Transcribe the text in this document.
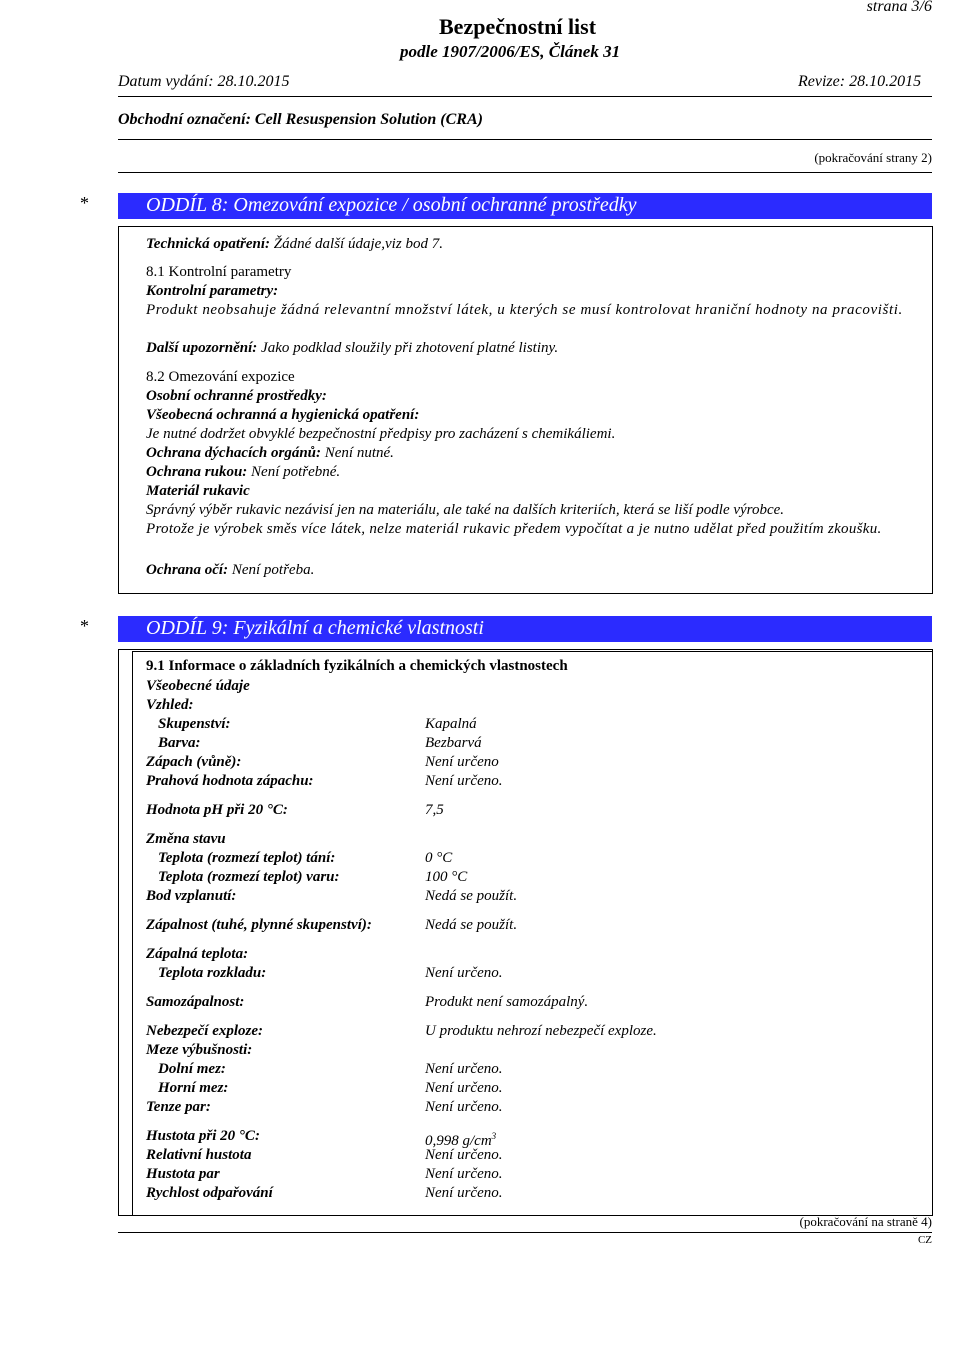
strana 3/6
Bezpečnostní list
podle 1907/2006/ES, Článek 31
Datum vydání: 28.10.2015	Revize: 28.10.2015
Obchodní označení: Cell Resuspension Solution (CRA)
(pokračování strany 2)
*	ODDÍL 8: Omezování expozice / osobní ochranné prostředky
Technická opatření: Žádné další údaje,viz bod 7.
8.1 Kontrolní parametry
Kontrolní parametry:
Produkt neobsahuje žádná relevantní množství látek, u kterých se musí kontrolovat hraniční hodnoty na pracovišti.
Další upozornění: Jako podklad sloužily při zhotovení platné listiny.
8.2 Omezování expozice
Osobní ochranné prostředky:
Všeobecná ochranná a hygienická opatření:
Je nutné dodržet obvyklé bezpečnostní předpisy pro zacházení s chemikáliemi.
Ochrana dýchacích orgánů: Není nutné.
Ochrana rukou: Není potřebné.
Materiál rukavic
Správný výběr rukavic nezávisí jen na materiálu, ale také na dalších kriteriích, která se liší podle výrobce.
Protože je výrobek směs více látek, nelze materiál rukavic předem vypočítat a je nutno udělat před použitím zkoušku.
Ochrana očí: Není potřeba.
*	ODDÍL 9: Fyzikální a chemické vlastnosti
9.1 Informace o základních fyzikálních a chemických vlastnostech
Všeobecné údaje
Vzhled:
Skupenství:	Kapalná
Barva:	Bezbarvá
Zápach (vůně):	Není určeno
Prahová hodnota zápachu:	Není určeno.
Hodnota pH při 20 °C:	7,5
Změna stavu
Teplota (rozmezí teplot) tání:	0 °C
Teplota (rozmezí teplot) varu:	100 °C
Bod vzplanutí:	Nedá se použít.
Zápalnost (tuhé, plynné skupenství):	Nedá se použít.
Zápalná teplota:
Teplota rozkladu:	Není určeno.
Samozápalnost:	Produkt není samozápalný.
Nebezpečí exploze:	U produktu nehrozí nebezpečí exploze.
Meze výbušnosti:
Dolní mez:	Není určeno.
Horní mez:	Není určeno.
Tenze par:	Není určeno.
Hustota při 20 °C:	0,998 $g/cm^3$
Relativní hustota	Není určeno.
Hustota par	Není určeno.
Rychlost odpařování	Není určeno.
(pokračování na straně 4)
CZ
